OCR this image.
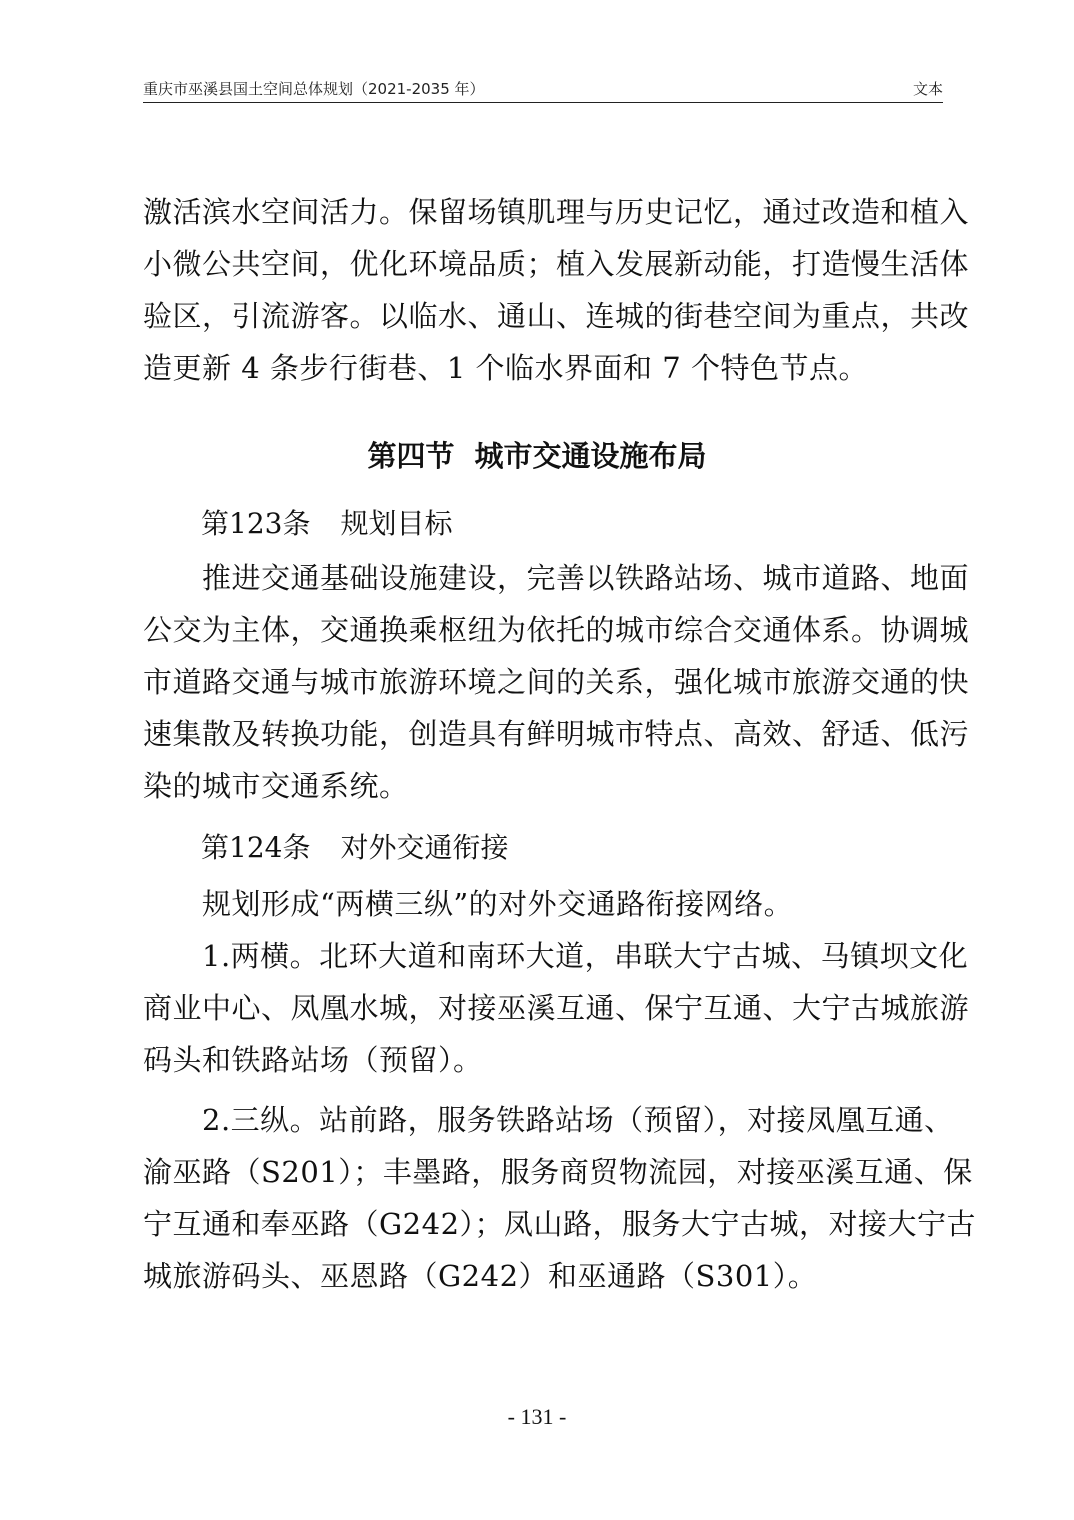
重庆市巫溪县国土空间总体规划（2021-2035 年）	文本
激活滨水空间活力。保留场镇肌理与历史记忆，通过改造和植入
小微公共空间，优化环境品质；植入发展新动能，打造慢生活体
验区，引流游客。以临水、通山、连城的街巷空间为重点，共改
造更新 4 条步行街巷、1 个临水界面和 7 个特色节点。
第四节 城市交通设施布局
第123条 规划目标
　　推进交通基础设施建设，完善以铁路站场、城市道路、地面
公交为主体，交通换乘枢纽为依托的城市综合交通体系。协调城
市道路交通与城市旅游环境之间的关系，强化城市旅游交通的快
速集散及转换功能，创造具有鲜明城市特点、高效、舒适、低污
染的城市交通系统。
第124条 对外交通衔接
　　规划形成“两横三纵”的对外交通路衔接网络。
　　1.两横。北环大道和南环大道，串联大宁古城、马镇坝文化
商业中心、凤凰水城，对接巫溪互通、保宁互通、大宁古城旅游
码头和铁路站场（预留）。
　　2.三纵。站前路，服务铁路站场（预留），对接凤凰互通、
渝巫路（S201）；丰墨路，服务商贸物流园，对接巫溪互通、保
宁互通和奉巫路（G242）；凤山路，服务大宁古城，对接大宁古
城旅游码头、巫恩路（G242）和巫通路（S301）。
- 131 -
